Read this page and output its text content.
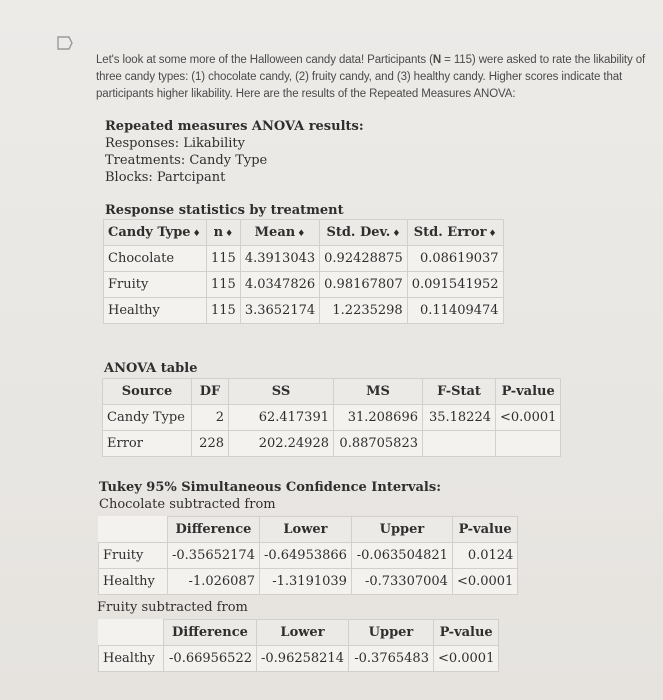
Let's look at some more of the Halloween candy data! Participants (N = 115) were asked to rate the likability of three candy types: (1) chocolate candy, (2) fruity candy, and (3) healthy candy. Higher scores indicate that participants higher likability. Here are the results of the Repeated Measures ANOVA:
Repeated measures ANOVA results:
Responses: Likability
Treatments: Candy Type
Blocks: Partcipant
Response statistics by treatment
Candy Type ♦	n ♦	Mean ♦	Std. Dev. ♦	Std. Error ♦
Chocolate	115	4.3913043	0.92428875	0.08619037
Fruity	115	4.0347826	0.98167807	0.091541952
Healthy	115	3.3652174	1.2235298	0.11409474
ANOVA table
Source	DF	SS	MS	F-Stat	P-value
Candy Type	2	62.417391	31.208696	35.18224	<0.0001
Error	228	202.24928	0.88705823		
Tukey 95% Simultaneous Confidence Intervals:
Chocolate subtracted from
	Difference	Lower	Upper	P-value
Fruity	-0.35652174	-0.64953866	-0.063504821	0.0124
Healthy	-1.026087	-1.3191039	-0.73307004	<0.0001
Fruity subtracted from
	Difference	Lower	Upper	P-value
Healthy	-0.66956522	-0.96258214	-0.3765483	<0.0001
